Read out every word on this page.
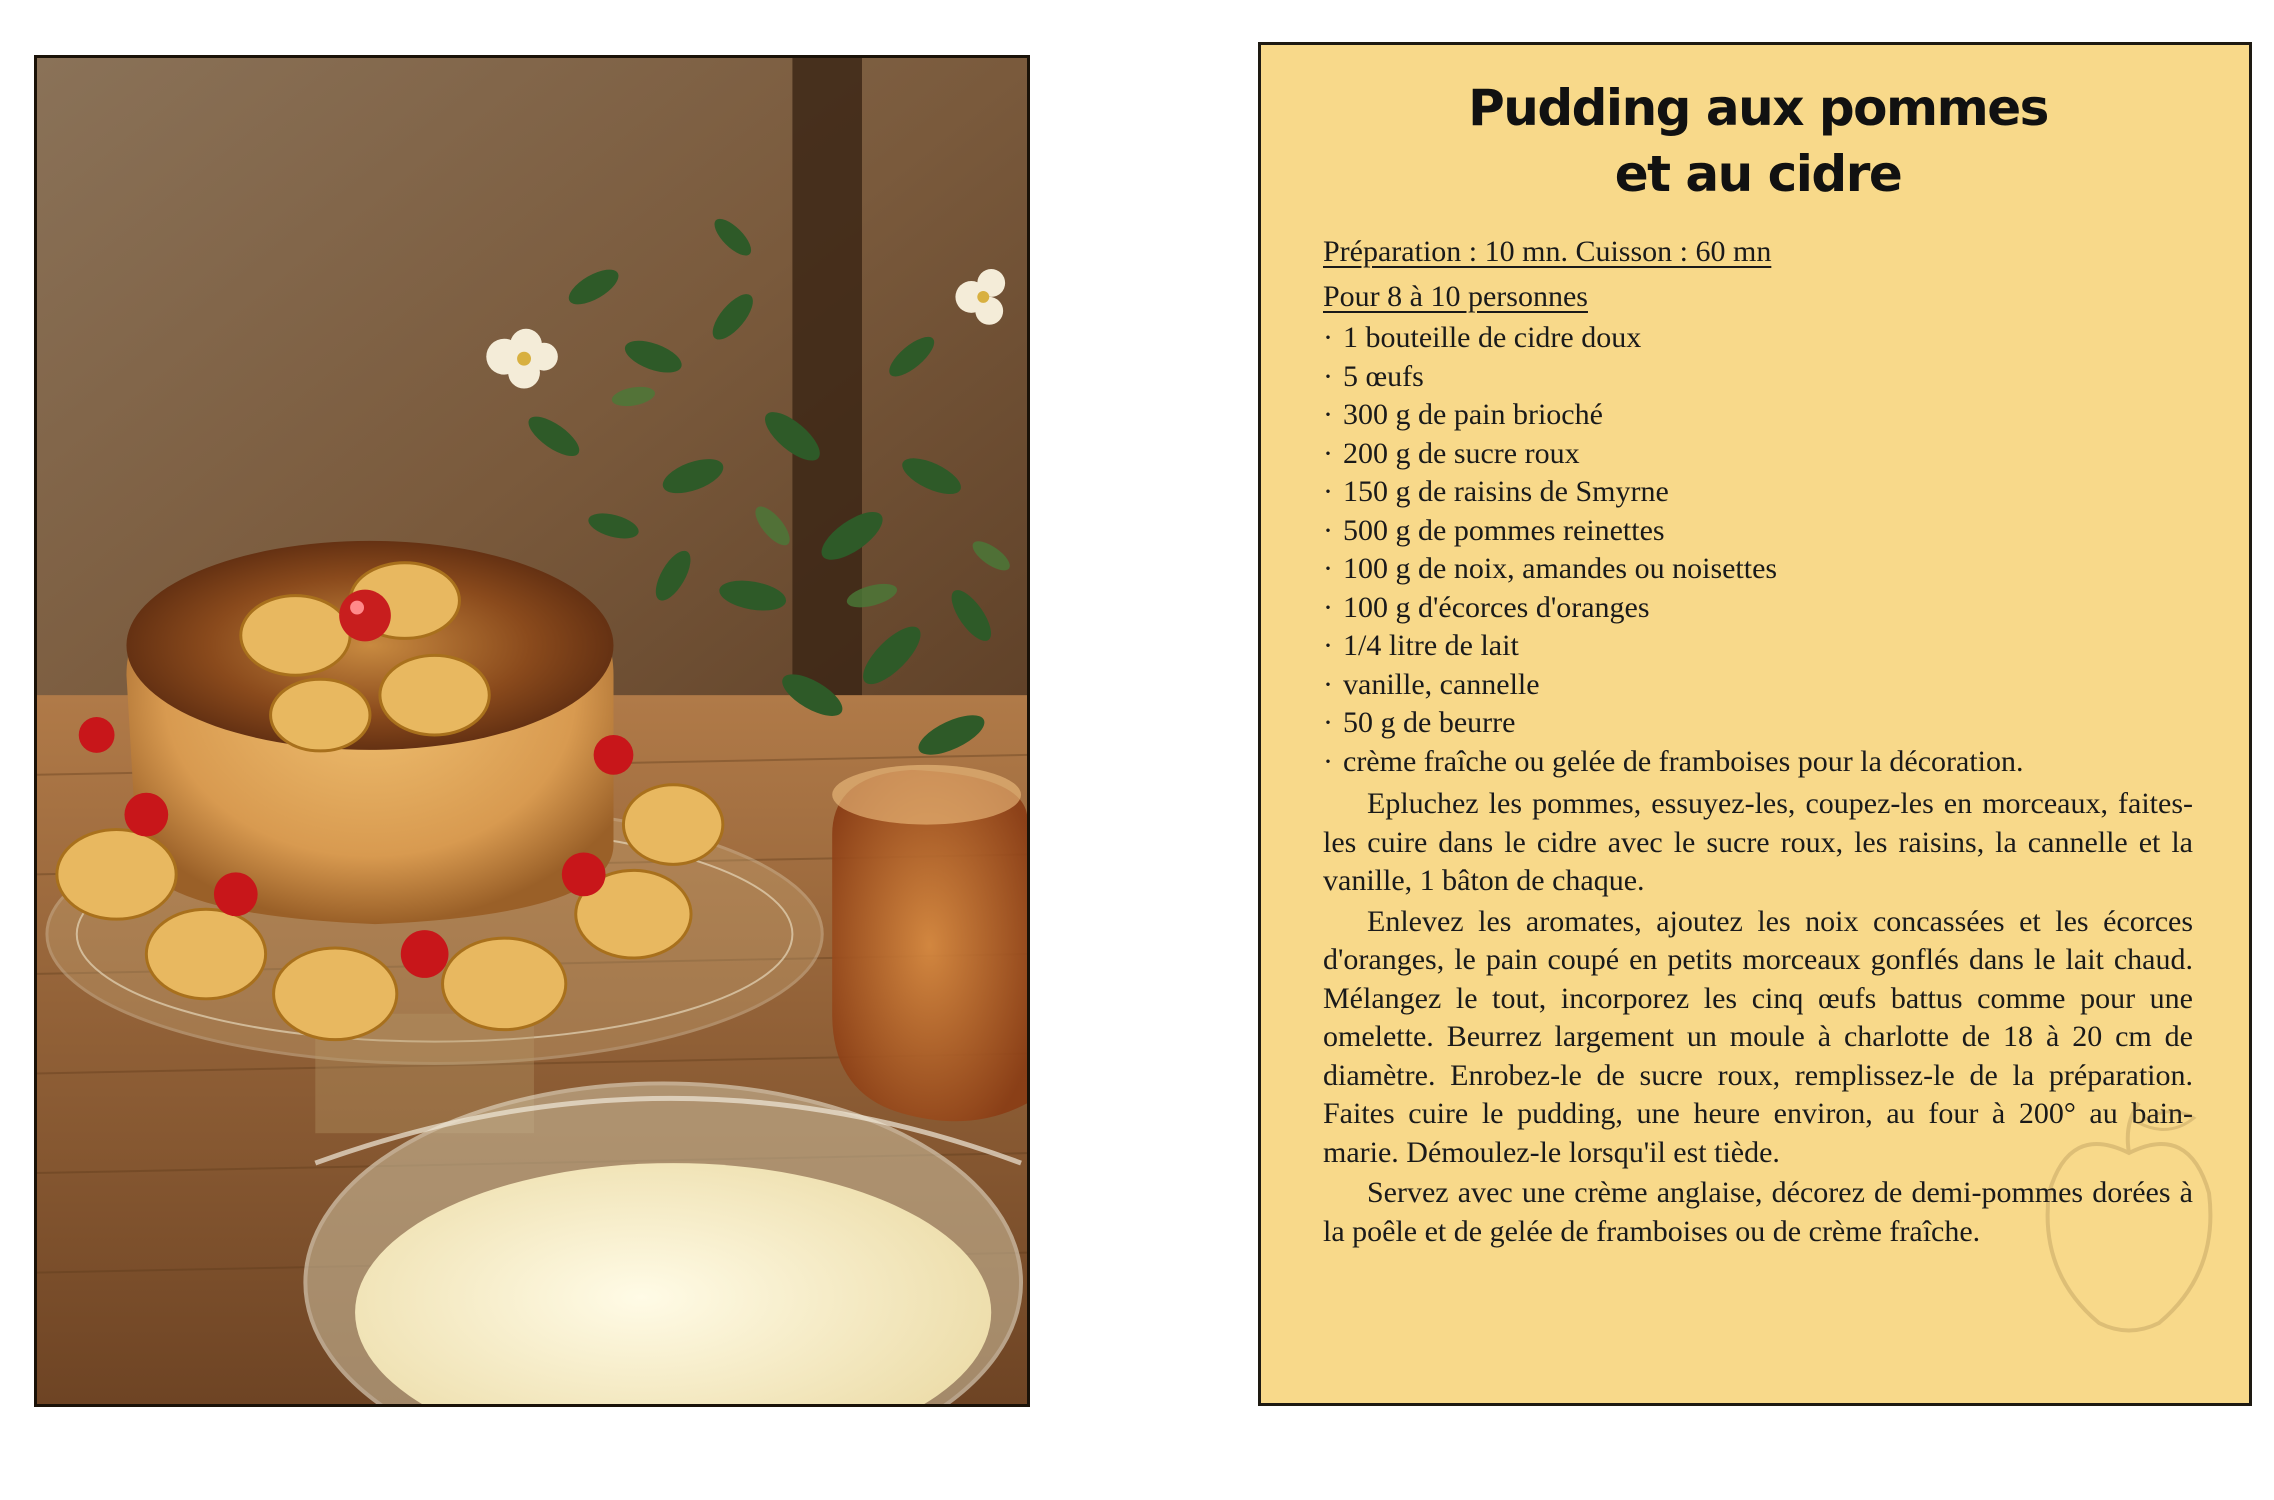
Pudding aux pommes
et au cidre
Préparation : 10 mn. Cuisson : 60 mn
Pour 8 à 10 personnes
· 1 bouteille de cidre doux
· 5 œufs
· 300 g de pain brioché
· 200 g de sucre roux
· 150 g de raisins de Smyrne
· 500 g de pommes reinettes
· 100 g de noix, amandes ou noisettes
· 100 g d'écorces d'oranges
· 1/4 litre de lait
· vanille, cannelle
· 50 g de beurre
· crème fraîche ou gelée de framboises pour la décoration.

Epluchez les pommes, essuyez-les, coupez-les en morceaux, faites-les cuire dans le cidre avec le sucre roux, les raisins, la cannelle et la vanille, 1 bâton de chaque.

Enlevez les aromates, ajoutez les noix concassées et les écorces d'oranges, le pain coupé en petits morceaux gonflés dans le lait chaud. Mélangez le tout, incorporez les cinq œufs battus comme pour une omelette. Beurrez largement un moule à charlotte de 18 à 20 cm de diamètre. Enrobez-le de sucre roux, remplissez-le de la préparation. Faites cuire le pudding, une heure environ, au four à 200° au bain-marie. Démoulez-le lorsqu'il est tiède.

Servez avec une crème anglaise, décorez de demi-pommes dorées à la poêle et de gelée de framboises ou de crème fraîche.
